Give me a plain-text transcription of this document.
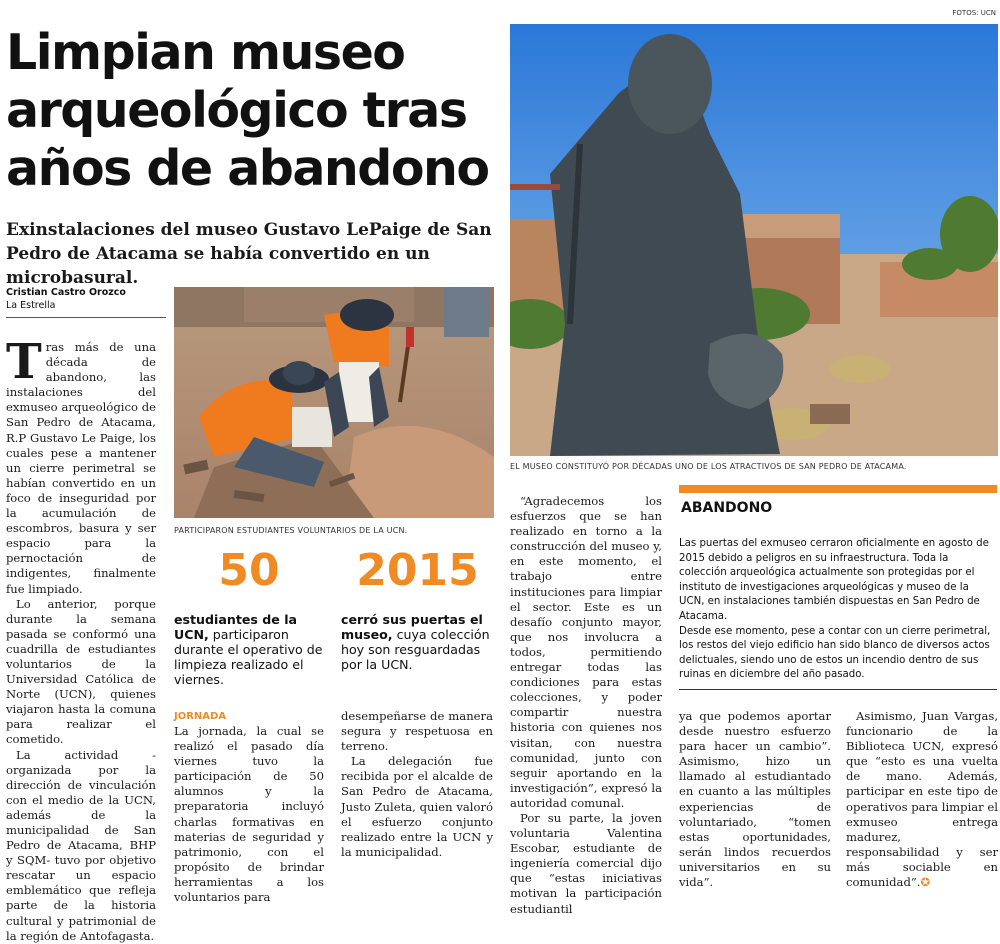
FOTOS: UCN
Limpian museo
arqueológico tras
años de abandono
Exinstalaciones del museo Gustavo LePaige de San Pedro de Atacama se había convertido en un microbasural.
Cristian Castro Orozco
La Estrella

Tras más de una década de abandono, las instalaciones del exmuseo arqueológico de San Pedro de Atacama, R.P Gustavo Le Paige, los cuales pese a mantener un cierre perimetral se habían convertido en un foco de inseguridad por la acumulación de escombros, basura y ser espacio para la pernoctación de indigentes, finalmente fue limpiado.

Lo anterior, porque durante la semana pasada se conformó una cuadrilla de estudiantes voluntarios de la Universidad Católica de Norte (UCN), quienes viajaron hasta la comuna para realizar el cometido.

La actividad -organizada por la dirección de vinculación con el medio de la UCN, además de la municipalidad de San Pedro de Atacama, BHP y SQM- tuvo por objetivo rescatar un espacio emblemático que refleja parte de la historia cultural y patrimonial de la región de Antofagasta.

PARTICIPARON ESTUDIANTES VOLUNTARIOS DE LA UCN.
50
estudiantes de la UCN, participaron durante el operativo de limpieza realizado el viernes.
2015
cerró sus puertas el museo, cuya colección hoy son resguardadas por la UCN.
JORNADA

La jornada, la cual se realizó el pasado día viernes tuvo la participación de 50 alumnos y la preparatoria incluyó charlas formativas en materias de seguridad y patrimonio, con el propósito de brindar herramientas a los voluntarios para

desempeñarse de manera segura y respetuosa en terreno.

La delegación fue recibida por el alcalde de San Pedro de Atacama, Justo Zuleta, quien valoró el esfuerzo conjunto realizado entre la UCN y la municipalidad.

EL MUSEO CONSTITUYÓ POR DÉCADAS UNO DE LOS ATRACTIVOS DE SAN PEDRO DE ATACAMA.

“Agradecemos los esfuerzos que se han realizado en torno a la construcción del museo y, en este momento, el trabajo entre instituciones para limpiar el sector. Este es un desafío conjunto mayor, que nos involucra a todos, permitiendo entregar todas las condiciones para estas colecciones, y poder compartir nuestra historia con quienes nos visitan, con nuestra comunidad, junto con seguir aportando en la investigación”, expresó la autoridad comunal.

Por su parte, la joven voluntaria Valentina Escobar, estudiante de ingeniería comercial dijo que “estas iniciativas motivan la participación estudiantil

ABANDONO
Las puertas del exmuseo cerraron oficialmente en agosto de 2015 debido a peligros en su infraestructura. Toda la colección arqueológica actualmente son protegidas por el instituto de investigaciones arqueológicas y museo de la UCN, en instalaciones también dispuestas en San Pedro de Atacama.
Desde ese momento, pese a contar con un cierre perimetral, los restos del viejo edificio han sido blanco de diversos actos delictuales, siendo uno de estos un incendio dentro de sus ruinas en diciembre del año pasado.

ya que podemos aportar desde nuestro esfuerzo para hacer un cambio”. Asimismo, hizo un llamado al estudiantado en cuanto a las múltiples experiencias de voluntariado, “tomen estas oportunidades, serán lindos recuerdos universitarios en su vida”.

Asimismo, Juan Vargas, funcionario de la Biblioteca UCN, expresó que “esto es una vuelta de mano. Además, participar en este tipo de operativos para limpiar el exmuseo entrega madurez, responsabilidad y ser más sociable en comunidad”.✪
